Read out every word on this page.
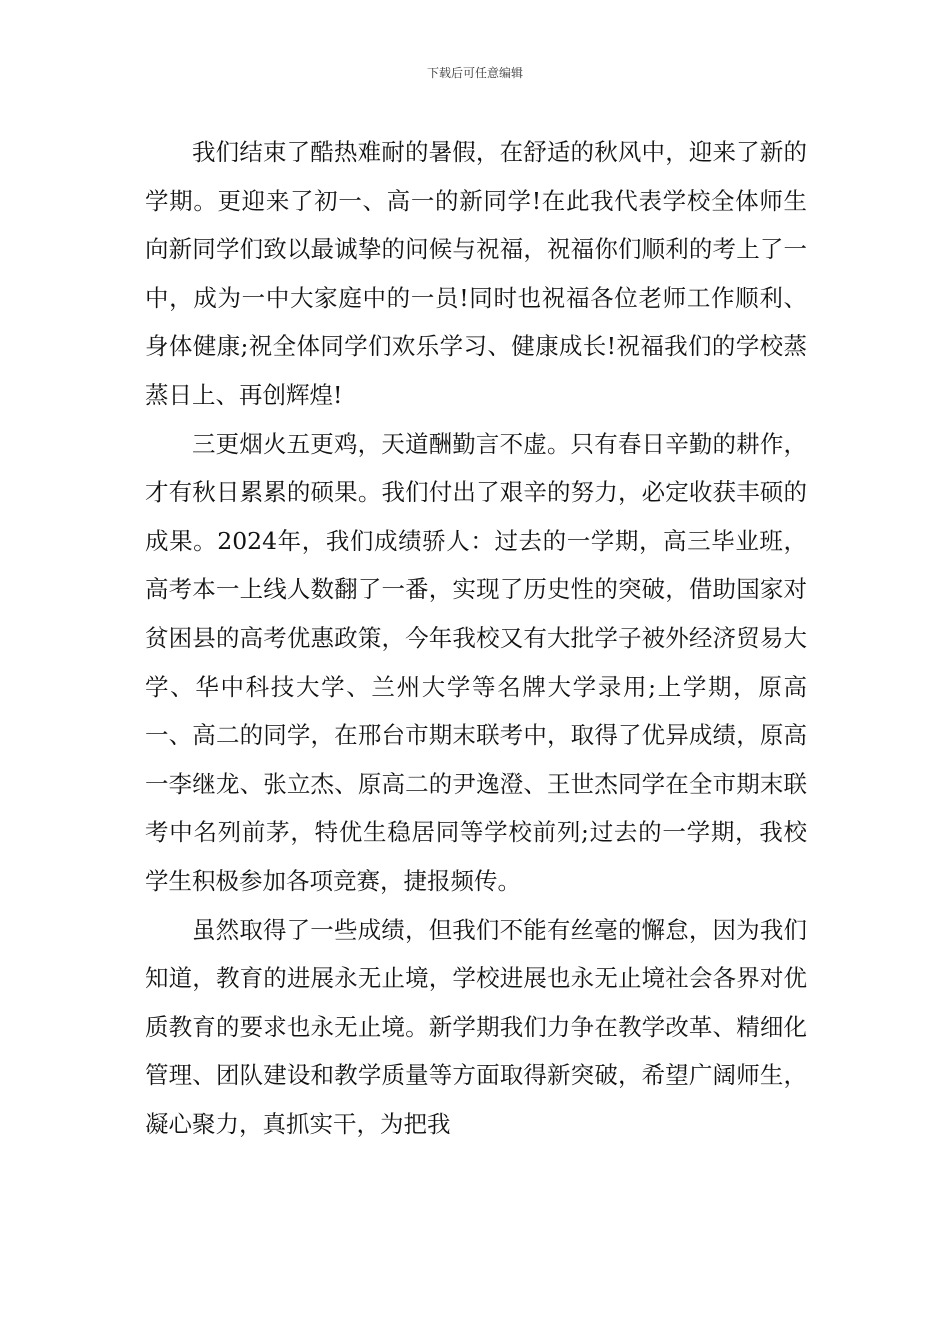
下载后可任意编辑

我们结束了酷热难耐的暑假，在舒适的秋风中，迎来了新的学期。更迎来了初一、高一的新同学!在此我代表学校全体师生向新同学们致以最诚挚的问候与祝福，祝福你们顺利的考上了一中，成为一中大家庭中的一员!同时也祝福各位老师工作顺利、身体健康;祝全体同学们欢乐学习、健康成长!祝福我们的学校蒸蒸日上、再创辉煌!

三更烟火五更鸡，天道酬勤言不虚。只有春日辛勤的耕作，才有秋日累累的硕果。我们付出了艰辛的努力，必定收获丰硕的成果。2024年，我们成绩骄人：过去的一学期，高三毕业班，高考本一上线人数翻了一番，实现了历史性的突破，借助国家对贫困县的高考优惠政策，今年我校又有大批学子被外经济贸易大学、华中科技大学、兰州大学等名牌大学录用;上学期，原高一、高二的同学，在邢台市期末联考中，取得了优异成绩，原高一李继龙、张立杰、原高二的尹逸澄、王世杰同学在全市期末联考中名列前茅，特优生稳居同等学校前列;过去的一学期，我校学生积极参加各项竞赛，捷报频传。

虽然取得了一些成绩，但我们不能有丝毫的懈怠，因为我们知道，教育的进展永无止境，学校进展也永无止境社会各界对优质教育的要求也永无止境。新学期我们力争在教学改革、精细化管理、团队建设和教学质量等方面取得新突破，希望广阔师生，凝心聚力，真抓实干，为把我
